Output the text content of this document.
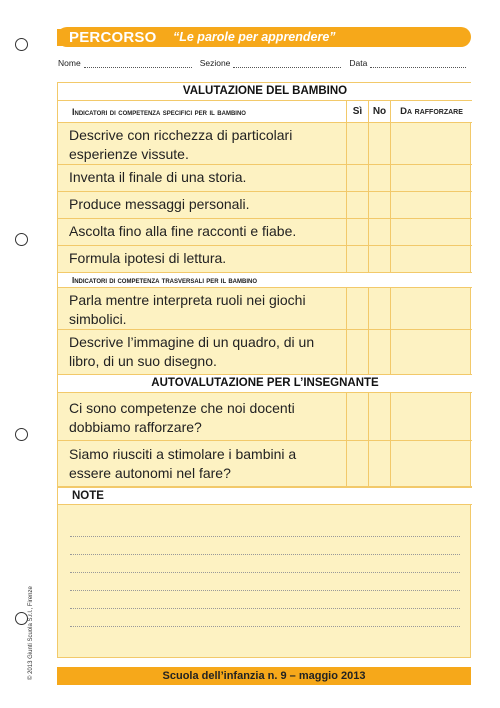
PERCORSO	“Le parole per apprendere”
Nome	Sezione	Data
VALUTAZIONE DEL BAMBINO
Indicatori di competenza specifici per il bambino	Sì	No	Da rafforzare
Descrive con ricchezza di particolari esperienze vissute.
Inventa il finale di una storia.
Produce messaggi personali.
Ascolta fino alla fine racconti e fiabe.
Formula ipotesi di lettura.
Indicatori di competenza trasversali per il bambino
Parla mentre interpreta ruoli nei giochi simbolici.
Descrive l’immagine di un quadro, di un libro, di un suo disegno.
AUTOVALUTAZIONE PER L’INSEGNANTE
Ci sono competenze che noi docenti dobbiamo rafforzare?
Siamo riusciti a stimolare i bambini a essere autonomi nel fare?
NOTE
Scuola dell’infanzia n. 9 – maggio 2013
© 2013 Giunti Scuola S.r.l., Firenze
